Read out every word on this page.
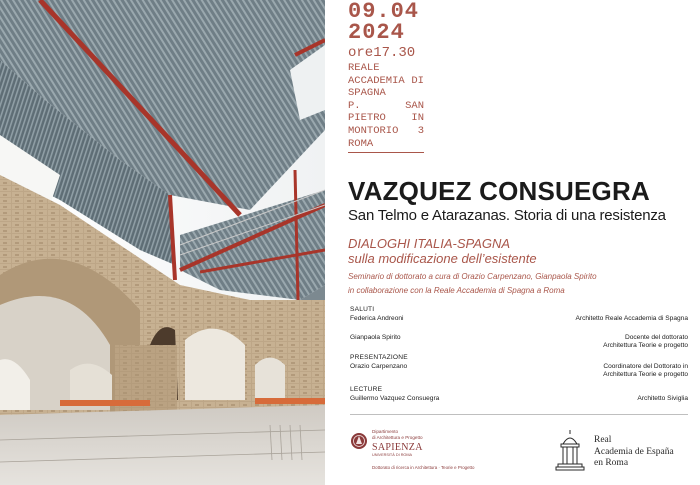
09.04
2024
ore17.30
REALE
ACCADEMIA DI
SPAGNA
P. SAN PIETRO IN
MONTORIO 3
ROMA
VAZQUEZ CONSUEGRA
San Telmo e Atarazanas. Storia di una resistenza
DIALOGHI ITALIA-SPAGNA
sulla modificazione dell’esistente
Seminario di dottorato a cura di Orazio Carpenzano, Gianpaola Spirito
in collaborazione con la Reale Accademia di Spagna a Roma
SALUTI
Federica Andreoni	Architetto Reale Accademia di Spagna
Gianpaola Spirito	Docente del dottorato
Architettura Teorie e progetto
PRESENTAZIONE
Orazio Carpenzano	Coordinatore del Dottorato in
Architettura Teorie e progetto
LECTURE
Guillermo Vazquez Consuegra	Architetto Siviglia
Dipartimento
di Architettura e Progetto
SAPIENZA
UNIVERSITÀ DI ROMA
Dottorato di ricerca in Architettura · Teorie e Progetto
Real
Academia de España
en Roma
